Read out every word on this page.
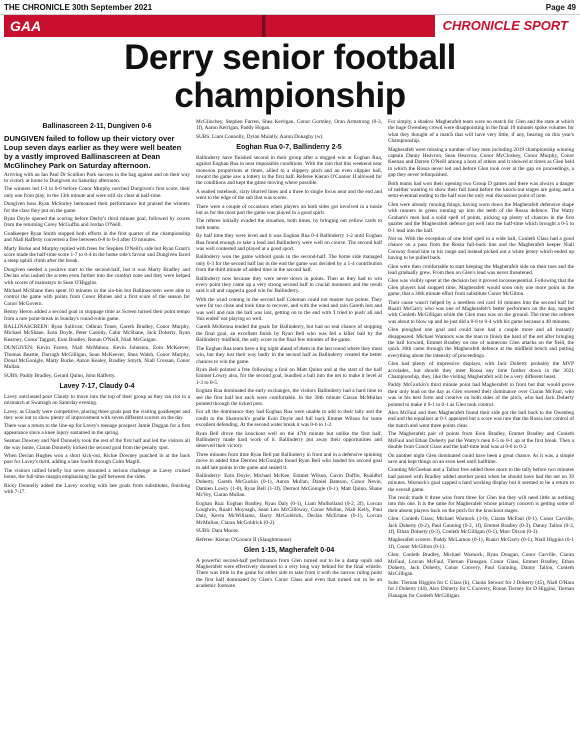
THE CHRONICLE 30th September 2021	Page 49
GAA	CHRONICLE SPORT
Derry senior football championship
Ballinascreen 2-11, Dungiven 0-6

DUNGIVEN failed to follow up their victory over Loup seven days earlier as they were well beaten by a vastly improved Ballinascreen at Dean McGlinchey Park on Saturday afternoon.

Arriving with an Ian Paul Dr Scullion Park success in the bag against and on their way to victory at home to Dungiven on Saturday afternoon.

The winners led 1-3 to 0-6 before Conor Murphy notched Dungiven's first score, their only one from play, in the 13th minute and were still six clear at half-time.

Dungiven boss Ryan McSorley bemoaned their performance but praised the winners for the class they put on the game.

Ryan Doyle opened the scoring before Derby's third minute goal, followed by scores from the returning Corey McGuffin and Jordan O'Neill.

Goalkeeper Ryan Smith stopped both efforts in the first quarter of the championship and Niall Rafferty converted a free between 0-8 to 0-4 after 19 minutes.

Marty Burke and Murphy replied with frees for Stephen O'Neill's side but Ryan Grant's score made the half-time score 1-7 to 0-4 in the home side's favour and Dungiven faced a steep uphill climb after the break.

Dungiven needed a positive start to the second-half, but it was Marty Bradley and Declan who lashed the screen even further into the comfort zone and they were helped with scores of mainstays in Sean O'Higgins.

Michael McShane then spent 10 minutes in the sin-bin but Ballinascreen were able to control the game with points from Conor Rhines and a first score of the season for Conor McGovern.

Benny Heron added a second goal in stoppage time as Screen turned their point tempo from a rare point-break in Sunday's round-robin game.

BALLINASCREEN: Ryan Sullivan; Odhran Toner, Gareth Bradley, Conor Murphy, Michael McShane, Eoin Doyle, Peter Cassidy, Cahir McShane, Jack Doherty, Ryan Kearney, Conor Taggart, Eoin Bradley, Ronan O'Neill, Niall McGuigan.

DUNGIVEN: Kevin Farren, Niall McMahon, Kevin Johnston, Eoin McKeever, Thomas Beattie, Darragh McGilligan, Sean McKeever, Shea Walsh, Conor Murphy, Donal McGonigle, Marty Burke, Aaron Kealey, Bradley Smyth, Niall Crossan, Conor Mullan.

SUBS: Paddy Bradley, Gerard Quinn, John Rafferty.

Lavey 7-17, Claudy 0-4

Lavey outclassed poor Claudy to move into the top of their group as they ran riot in a mismatch at Swatragh on Saturday evening.

Lavey, as Claudy were competitive, placing three goals past the visiting goalkeeper and they won out to show plenty of improvement with seven different scorers on the day.

There was a return to the line-up for Lavey's teenage prospect Jamie Duggan for a first appearance since a knee injury sustained in the spring.

Seamus Downey and Neil Donnelly took the rest of the first half and led the visitors all the way home, Ciaran Donnelly kicked the second goal from the penalty spot.

When Declan Hughes won a short kick-out, Richie Downey punched in at the back post for Lavey's third, adding a late fourth through Colm Magill.

The visitors rallied briefly but never mounted a serious challenge as Lavey cruised home, the full-time margin emphasising the gulf between the sides.

Ricky Donnelly added the Lavey scoring with late goals from substitutes, finishing with 7-17.

McGlinchey, Stephen Farren, Shea Kerrigan, Conor Gormley, Oran Armstrong (0-3, 1f), Aaron Kerrigan, Paddy Hogan.

SUBS: Liam Connolly, Dylan Mulally, Aaron Donaghy (w).

Eoghan Rua 0-7, Ballinderry 2-5

Ballinderry have finished second in their group after a dogged win at Eoghan Rua, against Eoghan Rua in near impossible conditions. With the rain that this weekend near monsoon proportions at times, allied to a slippery pitch and an even slippier ball, toward the game saw a lottery in the first half. Referee Kieran O'Connor II allowed for the conditions and kept the game moving where possible.

A seabed notebook, sixty blurred lines and a three to single focus near and the end and went to the edge of the sub that was scores.

There were a couple of occasions when players on both sides got involved in a tussle but as for the most part the game was played in a good spirit.

The referee initially evaded the situation, both times, by bringing out yellow cards to both teams.

By half time they were level and it was Eoghan Rua 0-4 Ballinderry 1-2 until Eoghan Rua found enough to take a lead and Ballinderry were well on course. The second half was well contested and played at a good sport.

Ballinderry won the game without goals in the second-half. The home side managed only 0-3 for the second half but in the end the game was decided by a 1-4 contribution from the third minute of added time in the second half.

Ballinderry now because they were never down in points. Then as they had to win every point they came up a very strong second half in crucial moments and the result said it all and capped a good win for Ballinderry.

With the wind coming in the second half Coleman could not muster two points. They were far too close and took time to recover, and with the wind and rain Gareth lost and was well and rain the ball was lost, getting on to the end with 'I tried to push' all and 'this ended' not playing so well.

Gareth McKenna tended the goals for Ballinderry, but had no real chance of stopping the final goal, an excellent finish by Ryan Bell who was fed a killer ball by the Ballinderry midfield, the only score in the final few minutes of the game.

The Eoghan Rua team have a big night ahead of them in the last round where they must win, but they lost their way badly in the second half as Ballinderry created the better chances to win the game.

Ryan Bell pointed a free following a foul on Matt Quinn and at the start of the half Emmet Lowry also, for the second goal, bundled a ball into the net to make it level at 1-3 to 0-5.

Eoghan Rua dominated the early exchanges, the visitors Ballinderry had a hard time to see the first half but each were comfortable. In the 30th minute Ciaran McMullan pointed through the ticked post.

For all the dominance they had Eoghan Rua were unable to add to their tally and the credit to the Shamrock's goalie Eoin Doyle and full back Emmet Wilson for some excellent defending. At the second water break it was 0-6 to 1-2.

Ryan Bell drove the knockout well on the 47th minute but unlike the first half, Ballinderry made hard work of it. Ballinderry put away their opportunities and deserved their victory.

Three minutes from time Ryan Bell put Ballinderry in front and in a defensive spinning move in added time Dermot McGonigle found Ryan Bell who landed his second goal to add late points in the game and sealed it.

Ballinderry: Eoin Doyle, Michael McKee, Emmet Wilson, Gavin Duffin, Ruaidhrí Doherty, Gareth McGuckin (0-1), Aaron Mullan, Daniel Bateson, Conor Nevin, Damien Lowry (1-0), Ryan Bell (1-3f), Dermot McGonigle (0-1), Matt Quinn, Shane McVey, Ciaran Mullan.

Eoghan Rua: Eoghan Bradley, Ryan Daly (0-1), Liam Mulholland (0-2, 2f), Lorcan Loughrin, Ruairi Moynagh, Sean Leo McGilloway, Conor Mullan, Niall Kelly, Paul Daly, Kevin McWilliams, Barry McGoldrick, Declan McErlane (0-1), Lorcan McMullan, Ciaran McGoldrick (0-2).

SUBS: Dara Moore.

Referee: Kieran O'Connor II (Slaughtmanus)

Glen 1-15, Magherafelt 0-04

A powerful second-half performance from Glen turned out to be a damp squib and Magherafelt were effectively doomed to a very long way behind for the final whistle. There was little in the game for either side to take from it with the narrow ruling point the first half dominated by Glen's Conor Glass and even that turned out to be an academic footnote.

For simply, a shadow Magherafelt team were no match for Glen and the state at which the huge Owenbeg crowd were disappointing in the final 10 minutes spoke volumes for what they thought of a match that will have very little, if any, bearing on this year's Championship.

Magherafelt were missing a number of key men including 2019 championship winning captain Danny Heavron, Sean Heavron, Conor McCloskey, Conor Murphy, Conor Keenan and Darren O'Neill among a host of others and it showed at times as Glen held in which the Rossa never led and before Glen took over at the gap on proceedings, a gap they never relinquished.

Both teams had won their opening two Group D games and there was always a danger of neither wanting to show their full hand before the knock-out stages are going and a semi-eventual ending to the half was the only real discussion point of note.

Glen were already running things, having worn down the Magherafelt defensive shape with runners in green running up into the teeth of the Rossa defence. The Watty Graham's men had a solid spell of points, picking up plenty of chances in the first quarter and the Magherafelt defence got well into the half-time which brought a 0-5 to 0-1 lead into the half.

Not so. With the exception of one brief spell in a wide ball, Conleth Glass had a good chance on a pass from the Rossa full-back line and the Magherafelt keeper Niall Conway found him in his range and instead picked out a white jersey which ended up having to be pulled back.

Glen were then comfortable to start keeping the Magherafelt side on their toes and the lead gradually grew. From then on Glen's lead was never threatened.

Glen was visibly upset at the decision but it proved inconsequential. Following that the Glen players had stopped time, Magherafelt would soon only one more point in the game, that a 36th minute effort from substitute Conor McGilton.

Their cause wasn't helped by a needless red card 10 minutes into the second half for Ruairi McGarry who was one of Magherafelt's better performers on the day, tangled with Conleth McGilligan while the Glen man was on the ground. The time the referee was about to blow up and he just did a 0-6 to 0-4 with his game because a 40 minutes.

Glen ploughed one goal and could have had a couple more and all instantly disappeared. Michael Warnock was the man to finish the hard of the net after bringing the ball forward, Emmet Bradley on one of numerous Glen attacks on the field, the quick 30th came through the Magherafelt defence at the midfield bench and putting everything about the intensity of proceedings.

Glen had plenty of impressive displays, with Jack Doherty probably the MVP accolades, but should they meet Rossa any time further down in the 2021 Championship, they, like the visiting Magherafelt will be a very different beast.

Paddy McGuckin's third minute point had Magherafelt in front but that would prove their only lead on the day as Glen exerted their dominance over Ciaran McFaul, who was in his best form and creative on both sides of the pitch, who had Jack Doherty pointed to make it 0-1 to 0-1 as Glen took control.

Alex McFaul and then Magherafelt found their side got the ball back to the Owenbeg end and the equalizer at 0-1 appeared but a score was rare that the Rossa lost control of the match and went three points clear.

The Magherafelt pair of points from Eoin Bradley, Emmet Bradley and Conleth McFaul and Ethan Doherty put the Watty's men 0-5 to 0-1 up at the first break. Then a double from Conor Glass and the half-time lead was at 0-6 to 0-2.

On another night Glen dominated could have been a great chance. As it was, a simple save and kept things on an even keel until halftime.

Granting McGeehan and a Tallon free added three more to the tally before two minutes had passed with Bradley added another point when he should have had the net on 39 minutes. Warnock's goal capped a hard working display but it seemed to be a return to the overall game.

The result made it three wins from three for Glen but they will need little as nothing into this one. It is the same for Magherafelt whose primary concern is getting some of their absent players back on the pitch for the knockout stages.

Glen: Conleth Glass; Michael Warnock (1-0), Ciaran McFaul (0-1), Conor Carville, Jack Doherty (0-2), Paul Gunning (0-2, 1f), Emmet Bradley (0-3), Danny Tallon (0-3, 1f), Ethan Doherty (0-3), Conleth McGilligan (0-1), Marc Dixon (0-1).

Magherafelt scorers: Paddy McLarnon (0-1), Ruairi McGarry (0-1), Niall Higgins (0-1 1f), Conor McGilton (0-1).

Glen: Conleth Bradley, Michael Warnock, Ryan Dougan, Conor Carville, Ciaran McFaul, Lorcan McFaul, Tiernan Flanagan, Conor Glass, Emmet Bradley, Ethan Doherty, Jack Doherty, Conor Convery, Paul Gunning, Danny Tallon, Conleth McGilligan.

Subs: Tiernan Higgins for C Glass (h), Ciarán Stewart for J Doherty (45), Niall O'Hara for J Doherty (44), Alex Doherty for C Convery, Ronan Tierney for D Higgins, Tiernan Flanagan for Conleth McGilligan.
